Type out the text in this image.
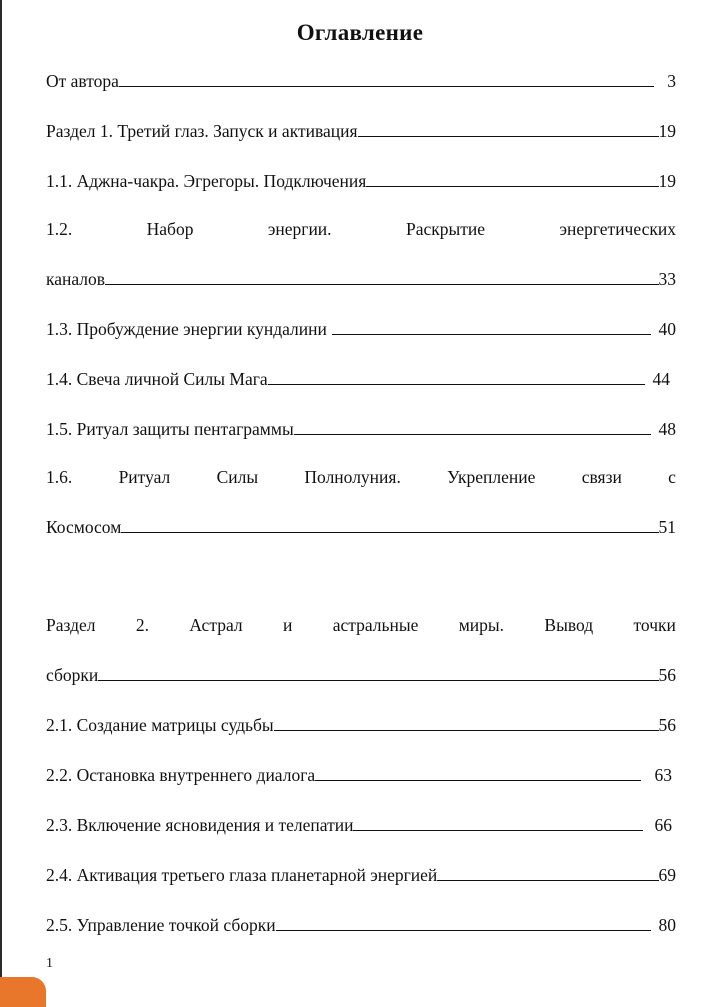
Оглавление
От автора	3
Раздел 1. Третий глаз. Запуск и активация	19
1.1. Аджна-чакра. Эгрегоры. Подключения	19
1.2.	Набор	энергии.	Раскрытие	энергетических
каналов	33
1.3. Пробуждение энергии кундалини	40
1.4. Свеча личной Силы Мага	44
1.5. Ритуал защиты пентаграммы	48
1.6.	Ритуал	Силы	Полнолуния.	Укрепление	связи	с
Космосом	51
Раздел 2. Астрал и астральные миры. Вывод точки
сборки	56
2.1. Создание матрицы судьбы	56
2.2. Остановка внутреннего диалога	63
2.3. Включение ясновидения и телепатии	66
2.4. Активация третьего глаза планетарной энергией	69
2.5. Управление точкой сборки	80
1
